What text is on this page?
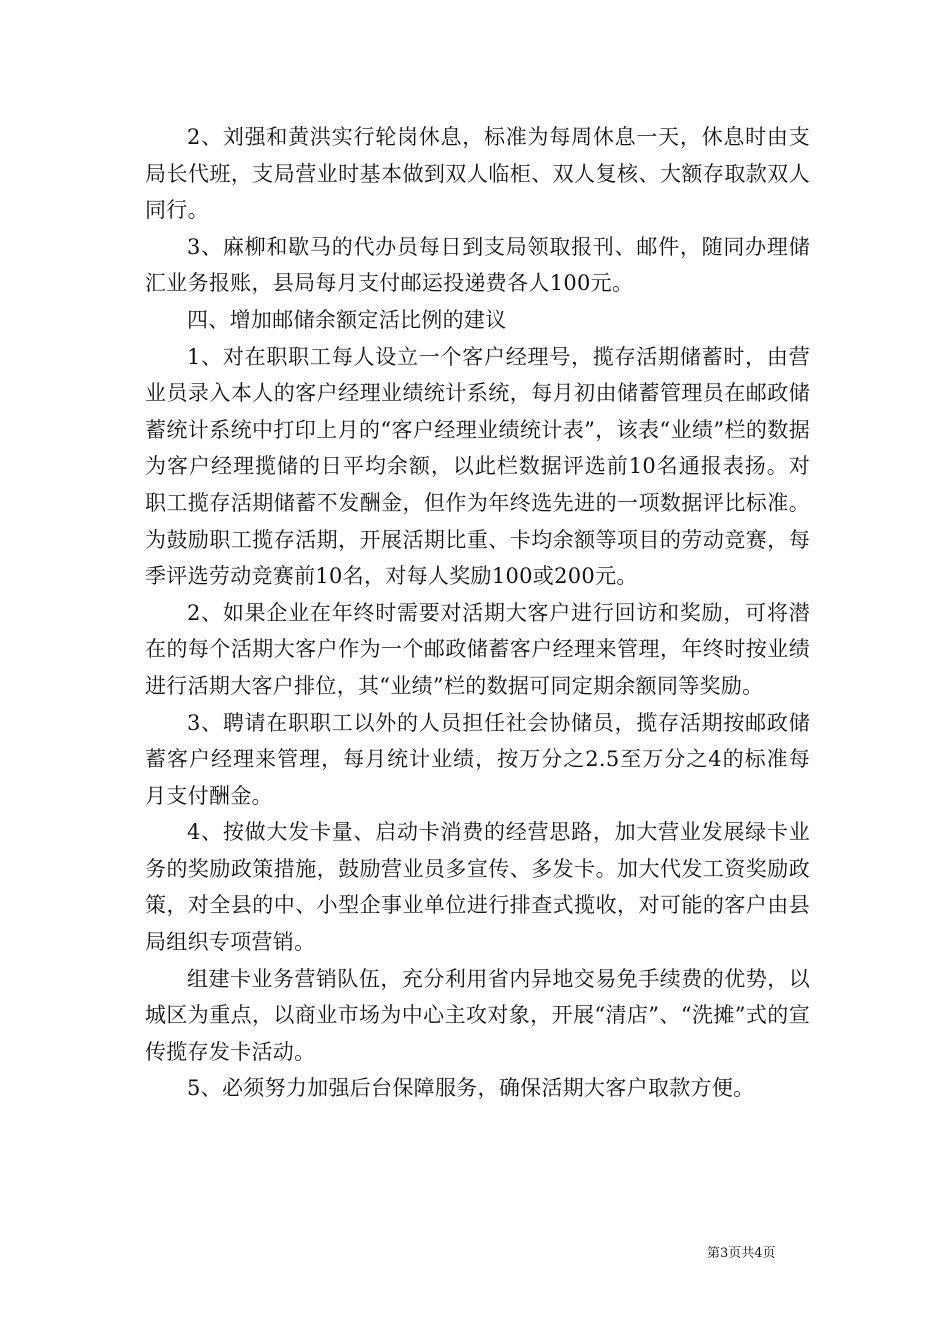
2、刘强和黄洪实行轮岗休息，标准为每周休息一天，休息时由支局长代班，支局营业时基本做到双人临柜、双人复核、大额存取款双人同行。

3、麻柳和歇马的代办员每日到支局领取报刊、邮件，随同办理储汇业务报账，县局每月支付邮运投递费各人100元。

四、增加邮储余额定活比例的建议

1、对在职职工每人设立一个客户经理号，揽存活期储蓄时，由营业员录入本人的客户经理业绩统计系统，每月初由储蓄管理员在邮政储蓄统计系统中打印上月的“客户经理业绩统计表”，该表“业绩”栏的数据为客户经理揽储的日平均余额，以此栏数据评选前10名通报表扬。对职工揽存活期储蓄不发酬金，但作为年终选先进的一项数据评比标准。为鼓励职工揽存活期，开展活期比重、卡均余额等项目的劳动竞赛，每季评选劳动竞赛前10名，对每人奖励100或200元。

2、如果企业在年终时需要对活期大客户进行回访和奖励，可将潜在的每个活期大客户作为一个邮政储蓄客户经理来管理，年终时按业绩进行活期大客户排位，其“业绩”栏的数据可同定期余额同等奖励。

3、聘请在职职工以外的人员担任社会协储员，揽存活期按邮政储蓄客户经理来管理，每月统计业绩，按万分之2.5至万分之4的标准每月支付酬金。

4、按做大发卡量、启动卡消费的经营思路，加大营业发展绿卡业务的奖励政策措施，鼓励营业员多宣传、多发卡。加大代发工资奖励政策，对全县的中、小型企事业单位进行排查式揽收，对可能的客户由县局组织专项营销。

组建卡业务营销队伍，充分利用省内异地交易免手续费的优势，以城区为重点，以商业市场为中心主攻对象，开展“清店”、“洗摊”式的宣传揽存发卡活动。

5、必须努力加强后台保障服务，确保活期大客户取款方便。

第3页共4页
